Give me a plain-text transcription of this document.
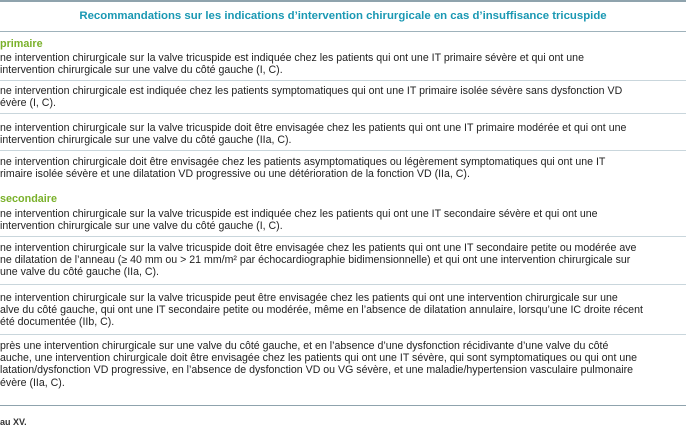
Recommandations sur les indications d’intervention chirurgicale en cas d’insuffisance tricuspide
primaire
ne intervention chirurgicale sur la valve tricuspide est indiquée chez les patients qui ont une IT primaire sévère et qui ont une
intervention chirurgicale sur une valve du côté gauche (I, C).
ne intervention chirurgicale est indiquée chez les patients symptomatiques qui ont une IT primaire isolée sévère sans dysfonction VD
évère (I, C).
ne intervention chirurgicale sur la valve tricuspide doit être envisagée chez les patients qui ont une IT primaire modérée et qui ont une
intervention chirurgicale sur une valve du côté gauche (IIa, C).
ne intervention chirurgicale doit être envisagée chez les patients asymptomatiques ou légèrement symptomatiques qui ont une IT
rimaire isolée sévère et une dilatation VD progressive ou une détérioration de la fonction VD (IIa, C).
secondaire
ne intervention chirurgicale sur la valve tricuspide est indiquée chez les patients qui ont une IT secondaire sévère et qui ont une
intervention chirurgicale sur une valve du côté gauche (I, C).
ne intervention chirurgicale sur la valve tricuspide doit être envisagée chez les patients qui ont une IT secondaire petite ou modérée ave
ne dilatation de l’anneau (≥ 40 mm ou > 21 mm/m² par échocardiographie bidimensionnelle) et qui ont une intervention chirurgicale sur
une valve du côté gauche (IIa, C).
ne intervention chirurgicale sur la valve tricuspide peut être envisagée chez les patients qui ont une intervention chirurgicale sur une
alve du côté gauche, qui ont une IT secondaire petite ou modérée, même en l’absence de dilatation annulaire, lorsqu’une IC droite récent
été documentée (IIb, C).
près une intervention chirurgicale sur une valve du côté gauche, et en l’absence d’une dysfonction récidivante d’une valve du côté
auche, une intervention chirurgicale doit être envisagée chez les patients qui ont une IT sévère, qui sont symptomatiques ou qui ont une
latation/dysfonction VD progressive, en l’absence de dysfonction VD ou VG sévère, et une maladie/hypertension vasculaire pulmonaire
évère (IIa, C).
au XV.
